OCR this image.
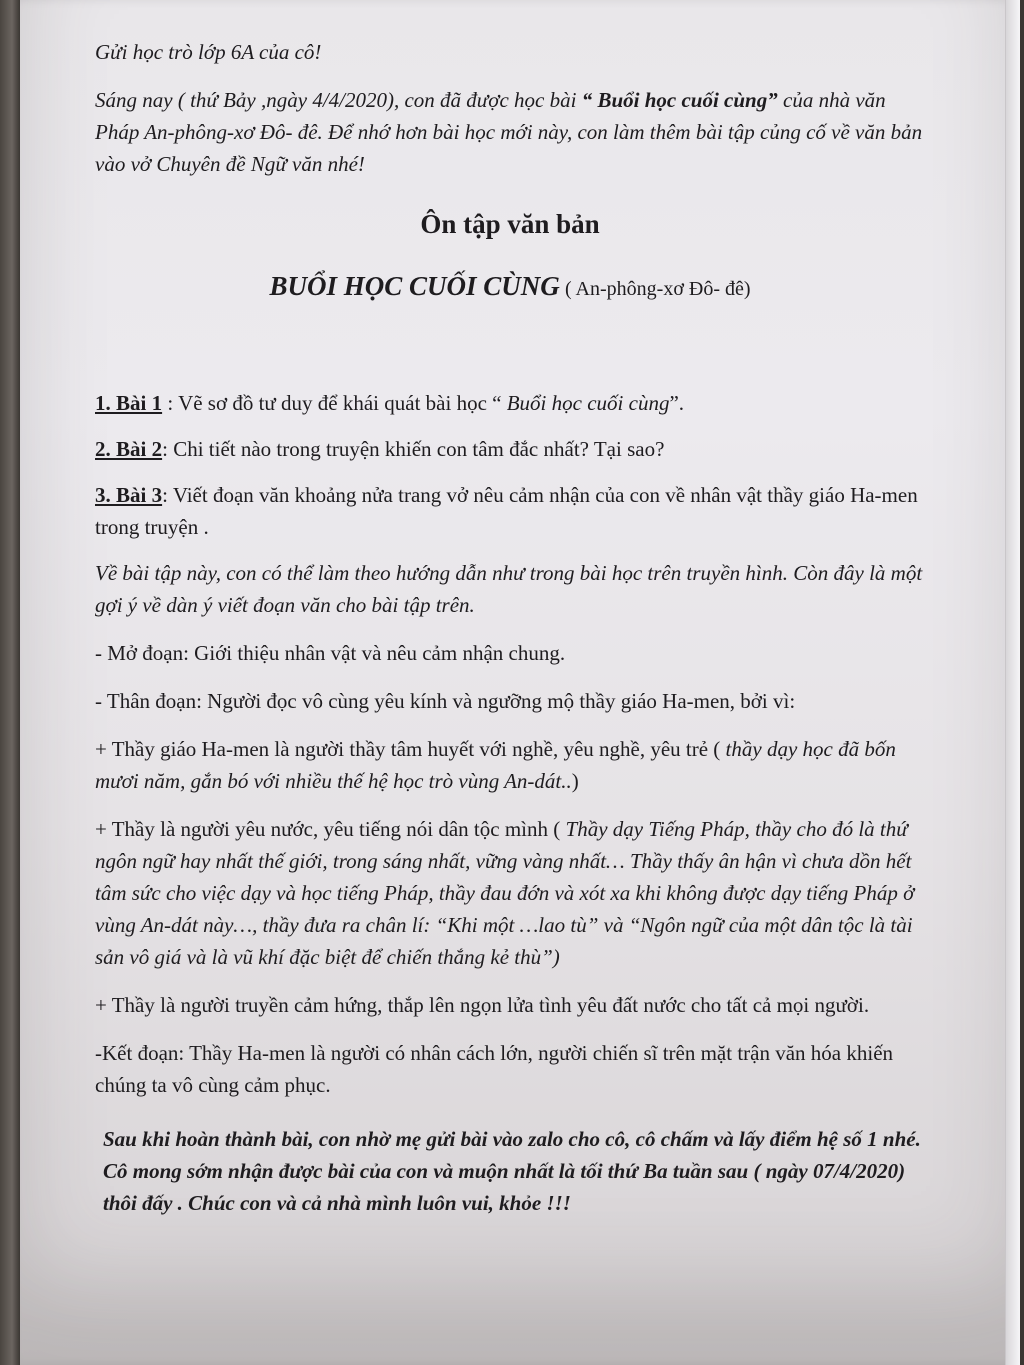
Gửi học trò lớp 6A của cô!

Sáng nay ( thứ Bảy ,ngày 4/4/2020), con đã được học bài “ Buổi học cuối cùng” của nhà văn Pháp An-phông-xơ Đô- đê. Để nhớ hơn bài học mới này, con làm thêm bài tập củng cố về văn bản vào vở Chuyên đề Ngữ văn nhé!

Ôn tập văn bản
BUỔI HỌC CUỐI CÙNG ( An-phông-xơ Đô- đê)

1. Bài 1 : Vẽ sơ đồ tư duy để khái quát bài học “ Buổi học cuối cùng”.

2. Bài 2: Chi tiết nào trong truyện khiến con tâm đắc nhất? Tại sao?

3. Bài 3: Viết đoạn văn khoảng nửa trang vở nêu cảm nhận của con về nhân vật thầy giáo Ha-men trong truyện .

Về bài tập này, con có thể làm theo hướng dẫn như trong bài học trên truyền hình. Còn đây là một gợi ý về dàn ý viết đoạn văn cho bài tập trên.

- Mở đoạn: Giới thiệu nhân vật và nêu cảm nhận chung.

- Thân đoạn: Người đọc vô cùng yêu kính và ngưỡng mộ thầy giáo Ha-men, bởi vì:

+ Thầy giáo Ha-men là người thầy tâm huyết với nghề, yêu nghề, yêu trẻ ( thầy dạy học đã bốn mươi năm, gắn bó với nhiều thế hệ học trò vùng An-dát..)

+ Thầy là người yêu nước, yêu tiếng nói dân tộc mình ( Thầy dạy Tiếng Pháp, thầy cho đó là thứ ngôn ngữ hay nhất thế giới, trong sáng nhất, vững vàng nhất… Thầy thấy ân hận vì chưa dồn hết tâm sức cho việc dạy và học tiếng Pháp, thầy đau đớn và xót xa khi không được dạy tiếng Pháp ở vùng An-dát này…, thầy đưa ra chân lí: “Khi một …lao tù” và “Ngôn ngữ của một dân tộc là tài sản vô giá và là vũ khí đặc biệt để chiến thắng kẻ thù”)

+ Thầy là người truyền cảm hứng, thắp lên ngọn lửa tình yêu đất nước cho tất cả mọi người.

-Kết đoạn: Thầy Ha-men là người có nhân cách lớn, người chiến sĩ trên mặt trận văn hóa khiến chúng ta vô cùng cảm phục.

Sau khi hoàn thành bài, con nhờ mẹ gửi bài vào zalo cho cô, cô chấm và lấy điểm hệ số 1 nhé. Cô mong sớm nhận được bài của con và muộn nhất là tối thứ Ba tuần sau ( ngày 07/4/2020) thôi đấy . Chúc con và cả nhà mình luôn vui, khỏe !!!
